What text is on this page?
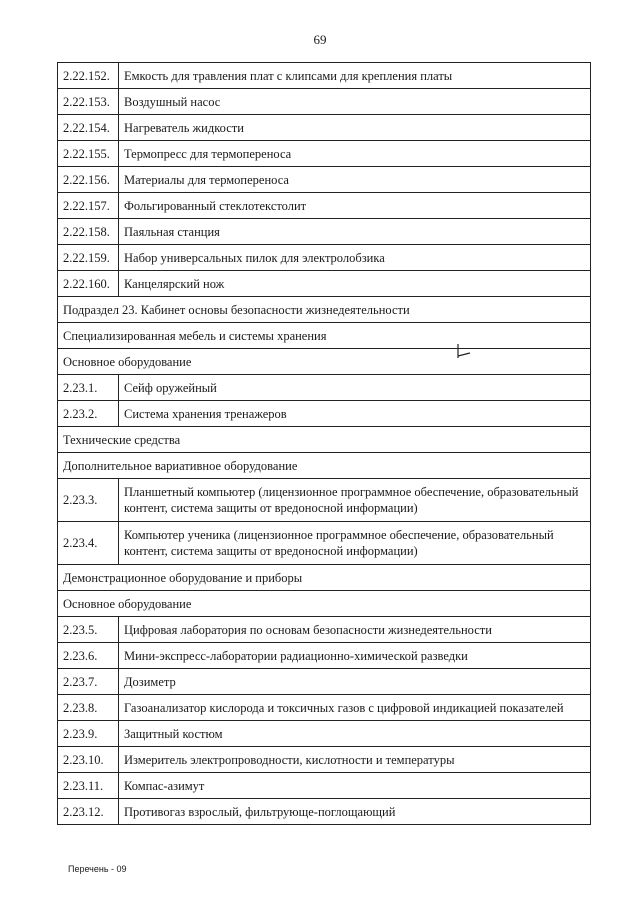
69
2.22.152.	Емкость для травления плат с клипсами для крепления платы
2.22.153.	Воздушный насос
2.22.154.	Нагреватель жидкости
2.22.155.	Термопресс для термопереноса
2.22.156.	Материалы для термопереноса
2.22.157.	Фольгированный стеклотекстолит
2.22.158.	Паяльная станция
2.22.159.	Набор универсальных пилок для электролобзика
2.22.160.	Канцелярский нож
Подраздел 23. Кабинет основы безопасности жизнедеятельности	
Специализированная мебель и системы хранения	
Основное оборудование	
2.23.1.	Сейф оружейный
2.23.2.	Система хранения тренажеров
Технические средства	
Дополнительное вариативное оборудование	
2.23.3.	Планшетный компьютер (лицензионное программное обеспечение, образовательный контент, система защиты от вредоносной информации)
2.23.4.	Компьютер ученика (лицензионное программное обеспечение, образовательный контент, система защиты от вредоносной информации)
Демонстрационное оборудование и приборы	
Основное оборудование	
2.23.5.	Цифровая лаборатория по основам безопасности жизнедеятельности
2.23.6.	Мини-экспресс-лаборатории радиационно-химической разведки
2.23.7.	Дозиметр
2.23.8.	Газоанализатор кислорода и токсичных газов с цифровой индикацией показателей
2.23.9.	Защитный костюм
2.23.10.	Измеритель электропроводности, кислотности и температуры
2.23.11.	Компас-азимут
2.23.12.	Противогаз взрослый, фильтрующе-поглощающий
Перечень - 09
